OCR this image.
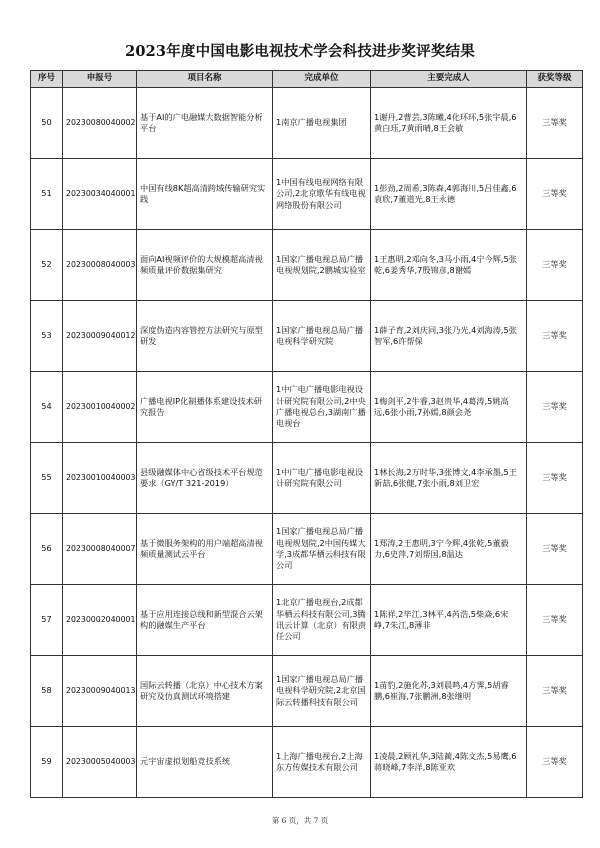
2023年度中国电影电视技术学会科技进步奖评奖结果
序号	申报号	项目名称	完成单位	主要完成人	获奖等级
50	20230080040002	基于AI的广电融媒大数据智能分析平台	1南京广播电视集团	1谢丹,2曹芸,3陈曦,4化环环,5张宇晨,6黄白珏,7黄雨晴,8王会敏	三等奖
51	20230034040001	中国有线8K超高清跨域传输研究实践	1中国有线电视网络有限公司,2北京歌华有线电视网络股份有限公司	1彭劲,2周希,3陈森,4郭海川,5吕佳鑫,6袁欣,7董道光,8王永德	三等奖
52	20230008040003	面向AI视频评价的大规模超高清视频质量评价数据集研究	1国家广播电视总局广播电视规划院,2鹏城实验室	1王惠明,2邓向冬,3马小雨,4宁今辉,5张乾,6姜秀华,7殷锦彦,8谢嫣	三等奖
53	20230009040012	深度伪造内容管控方法研究与原型研发	1国家广播电视总局广播电视科学研究院	1薛子育,2刘庆同,3张乃光,4刘海涛,5张智军,6许帮保	三等奖
54	20230010040002	广播电视IP化制播体系建设技术研究报告	1中广电广播电影电视设计研究院有限公司,2中央广播电视总台,3湖南广播电视台	1梅剑平,2牛睿,3赵贵华,4葛涛,5姚高远,6张小雨,7孙嫣,8颜会尧	三等奖
55	20230010040003	县级融媒体中心省级技术平台规范要求（GY/T 321-2019）	1中广电广播电影电视设计研究院有限公司	1林长海,2万时华,3张博文,4李承墨,5王新喆,6张健,7张小雨,8刘卫宏	三等奖
56	20230008040007	基于微服务架构的用户端超高清视频质量测试云平台	1国家广播电视总局广播电视规划院,2中国传媒大学,3成都华栖云科技有限公司	1郑涛,2王惠明,3宁今辉,4张乾,5董毅力,6史萍,7刘帮国,8温达	三等奖
57	20230002040001	基于应用连接总线和新型混合云架构的融媒生产平台	1北京广播电视台,2成都华栖云科技有限公司,3腾讯云计算（北京）有限责任公司	1陈祥,2毕江,3林平,4芮浩,5柴焱,6宋峥,7朱江,8薄非	三等奖
58	20230009040013	国际云转播（北京）中心技术方案研究及仿真测试环境搭建	1国家广播电视总局广播电视科学研究院,2北京国际云转播科技有限公司	1苗豹,2施化苏,3刘晨鸣,4方霁,5胡睿鹏,6崔海,7张鹏洲,8张继明	三等奖
59	20230005040003	元宇宙虚拟划船竞技系统	1上海广播电视台,2上海东方传媒技术有限公司	1凌晨,2顾礼华,3陆蔺,4陈文杰,5易鹰,6蒋晓峰,7李洋,8陈亚欢	三等奖
第 6 页，共 7 页
